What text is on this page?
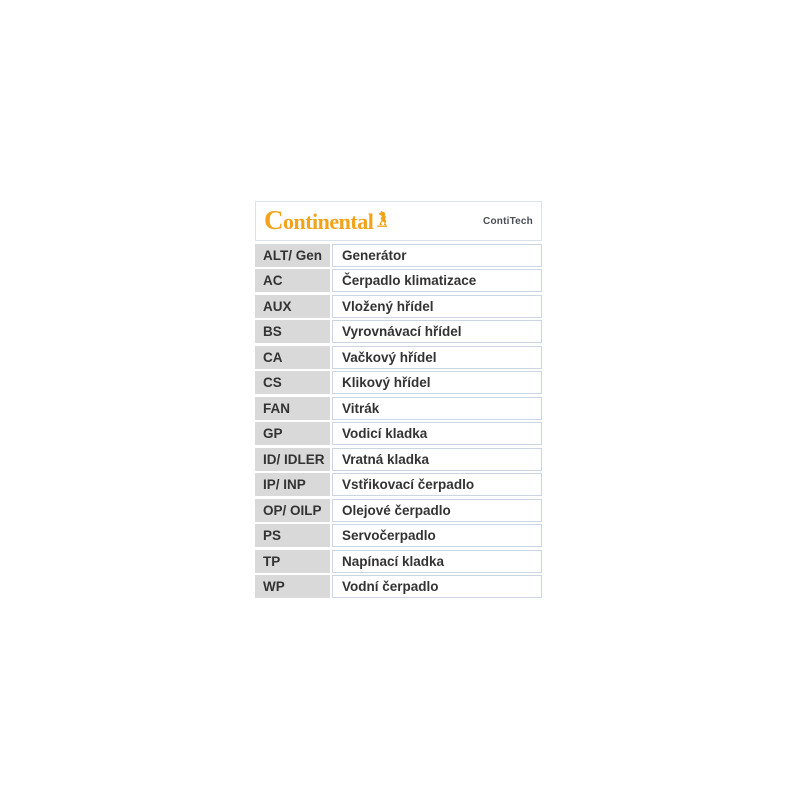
Continental	ContiTech
ALT/ Gen	Generátor
AC	Čerpadlo klimatizace
AUX	Vložený hřídel
BS	Vyrovnávací hřídel
CA	Vačkový hřídel
CS	Klikový hřídel
FAN	Vitrák
GP	Vodicí kladka
ID/ IDLER	Vratná kladka
IP/ INP	Vstřikovací čerpadlo
OP/ OILP	Olejové čerpadlo
PS	Servočerpadlo
TP	Napínací kladka
WP	Vodní čerpadlo
